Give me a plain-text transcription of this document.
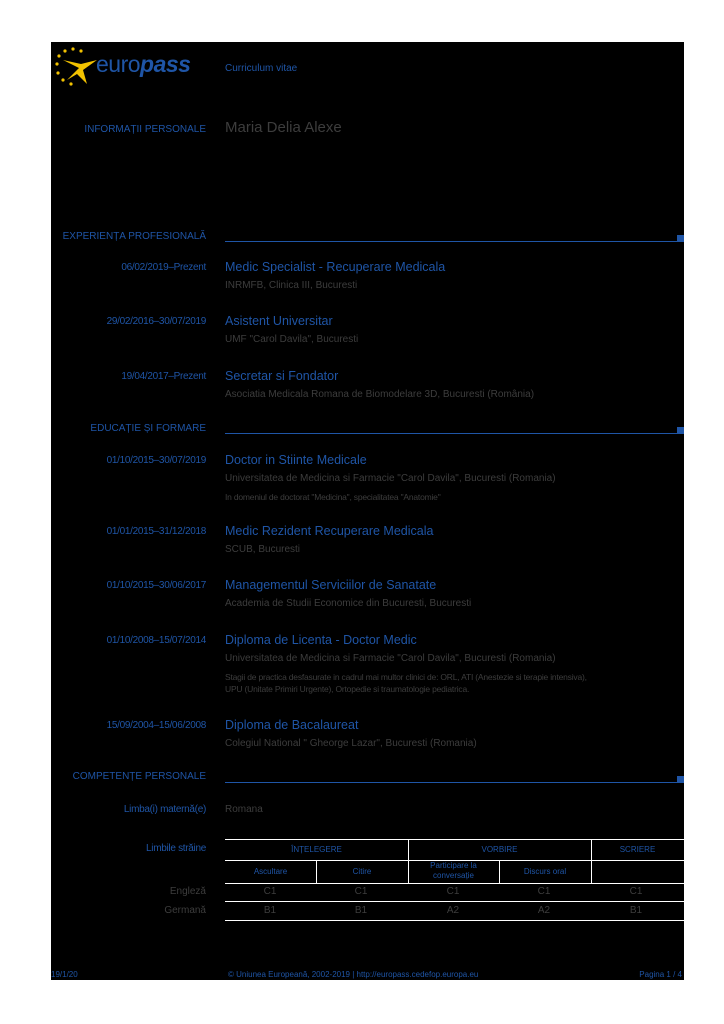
europass	Curriculum vitae
INFORMAȚII PERSONALE Maria Delia Alexe
EXPERIENȚA PROFESIONALĂ
06/02/2019–Prezent Medic Specialist - Recuperare Medicala
INRMFB, Clinica III, Bucuresti
29/02/2016–30/07/2019 Asistent Universitar
UMF "Carol Davila", Bucuresti
19/04/2017–Prezent Secretar si Fondator
Asociatia Medicala Romana de Biomodelare 3D, Bucuresti (România)
EDUCAȚIE ȘI FORMARE
01/10/2015–30/07/2019 Doctor in Stiinte Medicale
Universitatea de Medicina si Farmacie "Carol Davila", Bucuresti (Romania)
In domeniul de doctorat "Medicina", specialitatea "Anatomie"
01/01/2015–31/12/2018 Medic Rezident Recuperare Medicala
SCUB, Bucuresti
01/10/2015–30/06/2017 Managementul Serviciilor de Sanatate
Academia de Studii Economice din Bucuresti, Bucuresti
01/10/2008–15/07/2014 Diploma de Licenta - Doctor Medic
Universitatea de Medicina si Farmacie "Carol Davila", Bucuresti (Romania)
Stagii de practica desfasurate in cadrul mai multor clinici de: ORL, ATI (Anestezie si terapie intensiva),
UPU (Unitate Primiri Urgente), Ortopedie si traumatologie pediatrica.
15/09/2004–15/06/2008 Diploma de Bacalaureat
Colegiul National " Gheorge Lazar", Bucuresti (Romania)
COMPETENȚE PERSONALE
Limba(i) maternă(e) Romana
Limbile străine	ÎNȚELEGERE	VORBIRE	SCRIERE
Ascultare	Citire
Participare la
conversație	Discurs oral
Engleză	C1	C1	C1	C1	C1
Germană	B1	B1	A2	A2	B1
19/1/20	© Uniunea Europeană, 2002-2019 | http://europass.cedefop.europa.eu	Pagina 1 / 4
